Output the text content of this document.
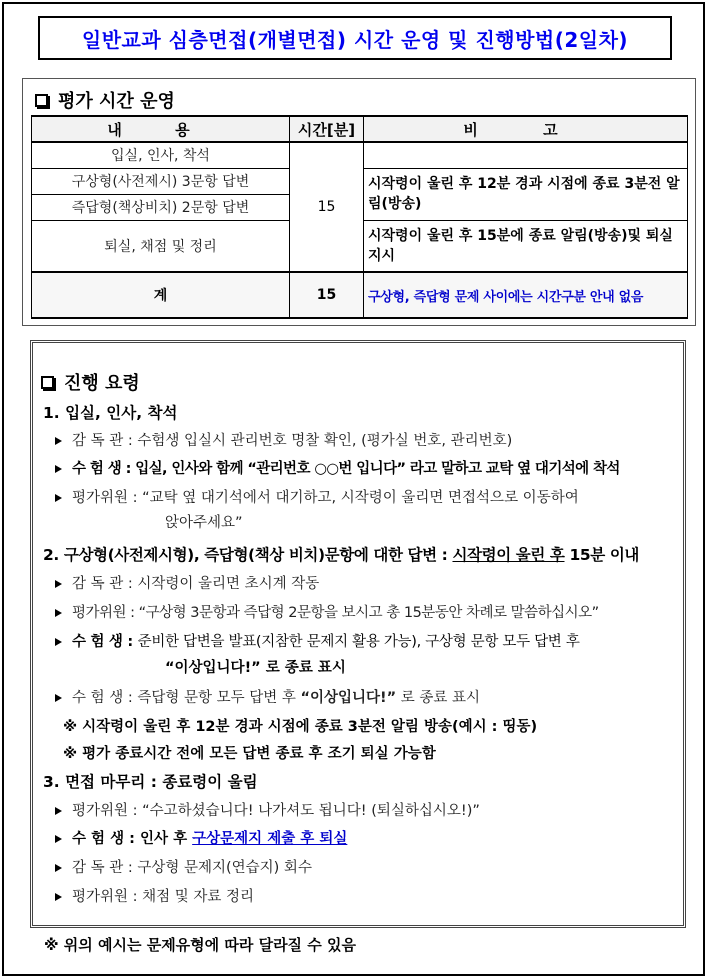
일반교과 심층면접(개별면접) 시간 운영 및 진행방법(2일차)
평가 시간 운영
내 용	시간[분]	비 고
입실, 인사, 착석	15	
구상형(사전제시) 3문항 답변		시작령이 울린 후 12분 경과 시점에 종료 3분전 알림(방송)
즉답형(책상비치) 2문항 답변		
퇴실, 채점 및 정리		시작령이 울린 후 15분에 종료 알림(방송)및 퇴실 지시
계	15	구상형, 즉답형 문제 사이에는 시간구분 안내 없음
진행 요령
1. 입실, 인사, 착석
감 독 관 : 수험생 입실시 관리번호 명찰 확인, (평가실 번호, 관리번호)
수 험 생 : 입실, 인사와 함께 “관리번호 ○○번 입니다” 라고 말하고 교탁 옆 대기석에 착석
평가위원 : “교탁 옆 대기석에서 대기하고, 시작령이 울리면 면접석으로 이동하여
앉아주세요”
2. 구상형(사전제시형), 즉답형(책상 비치)문항에 대한 답변 : 시작령이 울린 후 15분 이내
감 독 관 : 시작령이 울리면 초시계 작동
평가위원 : “구상형 3문항과 즉답형 2문항을 보시고 총 15분동안 차례로 말씀하십시오”
수 험 생 : 준비한 답변을 발표(지참한 문제지 활용 가능), 구상형 문항 모두 답변 후
“이상입니다!” 로 종료 표시
수 험 생 : 즉답형 문항 모두 답변 후 “이상입니다!” 로 종료 표시
※ 시작령이 울린 후 12분 경과 시점에 종료 3분전 알림 방송(예시 : 띵동)
※ 평가 종료시간 전에 모든 답변 종료 후 조기 퇴실 가능함
3. 면접 마무리 : 종료령이 울림
평가위원 : “수고하셨습니다! 나가셔도 됩니다! (퇴실하십시오!)”
수 험 생 : 인사 후 구상문제지 제출 후 퇴실
감 독 관 : 구상형 문제지(연습지) 회수
평가위원 : 채점 및 자료 정리
※ 위의 예시는 문제유형에 따라 달라질 수 있음
